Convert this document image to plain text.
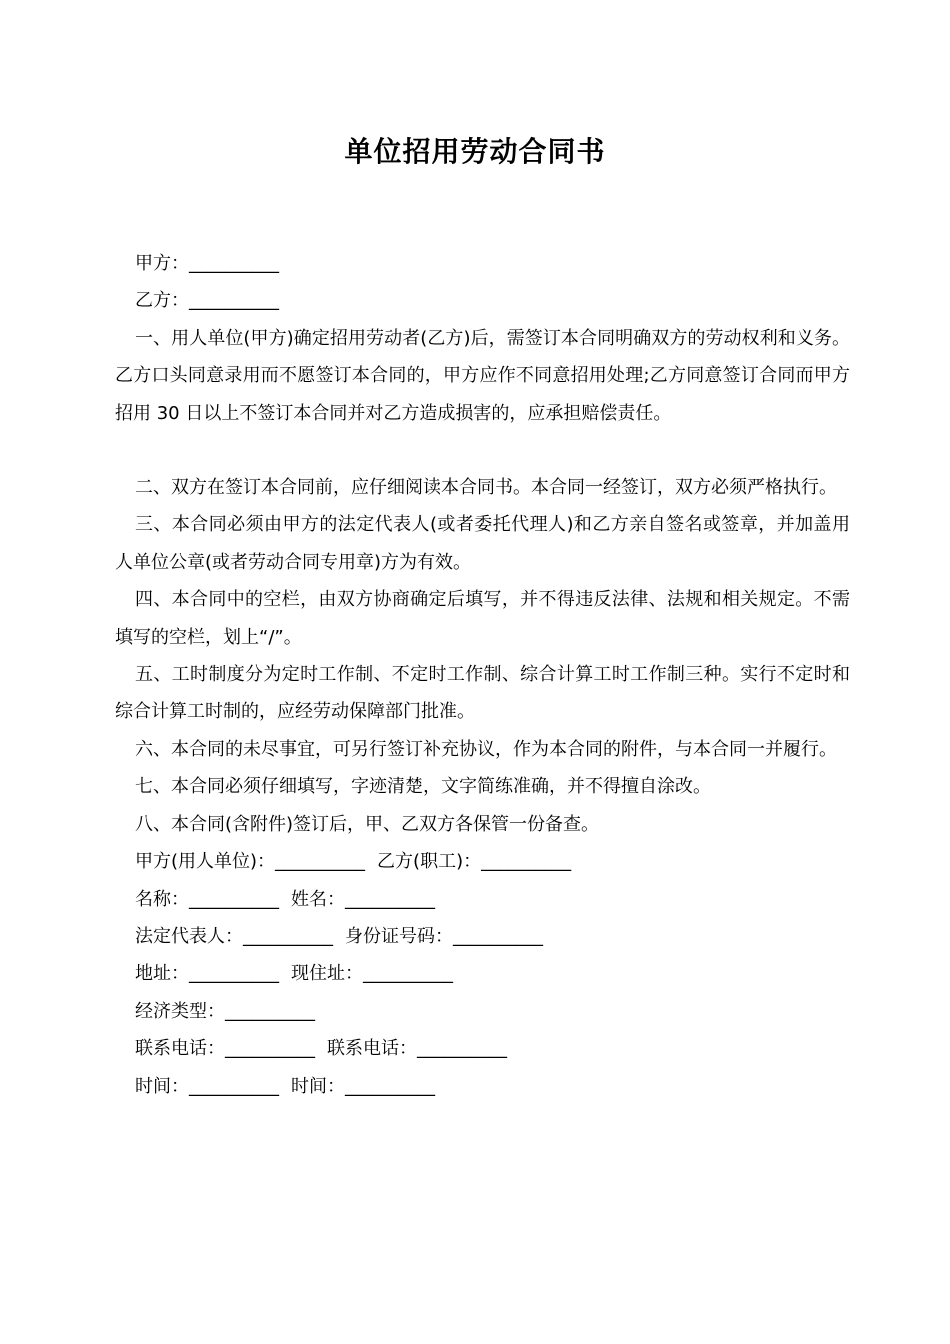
单位招用劳动合同书

甲方：__________

乙方：__________

一、用人单位(甲方)确定招用劳动者(乙方)后，需签订本合同明确双方的劳动权利和义务。乙方口头同意录用而不愿签订本合同的，甲方应作不同意招用处理;乙方同意签订合同而甲方招用 30 日以上不签订本合同并对乙方造成损害的，应承担赔偿责任。

二、双方在签订本合同前，应仔细阅读本合同书。本合同一经签订，双方必须严格执行。

三、本合同必须由甲方的法定代表人(或者委托代理人)和乙方亲自签名或签章，并加盖用人单位公章(或者劳动合同专用章)方为有效。

四、本合同中的空栏，由双方协商确定后填写，并不得违反法律、法规和相关规定。不需填写的空栏，划上“/”。

五、工时制度分为定时工作制、不定时工作制、综合计算工时工作制三种。实行不定时和综合计算工时制的，应经劳动保障部门批准。

六、本合同的未尽事宜，可另行签订补充协议，作为本合同的附件，与本合同一并履行。

七、本合同必须仔细填写，字迹清楚，文字简练准确，并不得擅自涂改。

八、本合同(含附件)签订后，甲、乙双方各保管一份备查。

甲方(用人单位)：__________ 乙方(职工)：__________

名称：__________ 姓名：__________

法定代表人：__________ 身份证号码：__________

地址：__________ 现住址：__________

经济类型：__________

联系电话：__________ 联系电话：__________

时间：__________ 时间：__________
